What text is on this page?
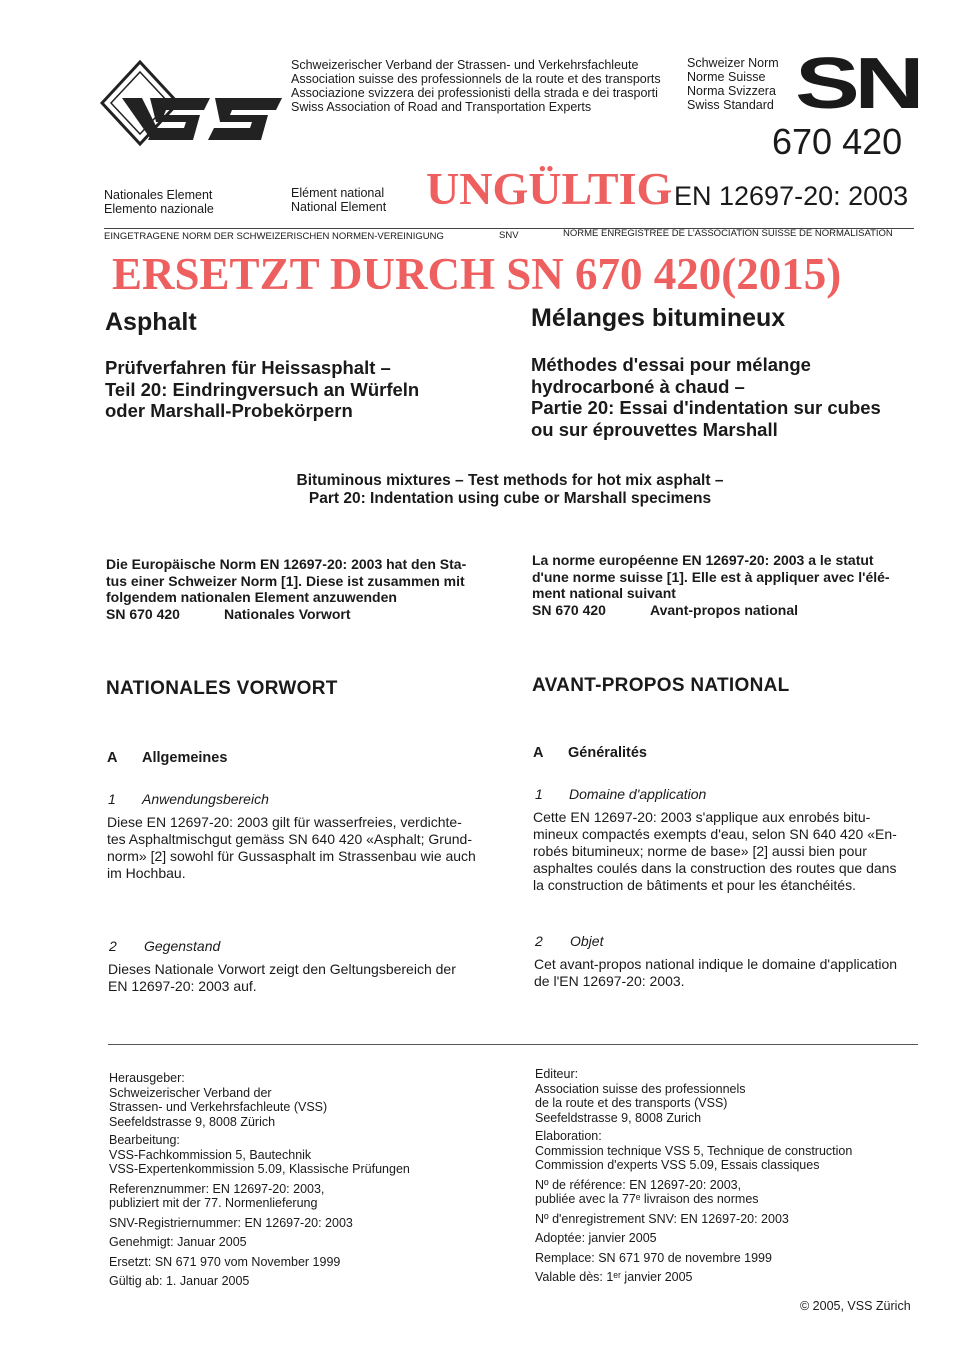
Schweizerischer Verband der Strassen- und Verkehrsfachleute
Association suisse des professionnels de la route et des transports
Associazione svizzera dei professionisti della strada e dei trasporti
Swiss Association of Road and Transportation Experts
Schweizer Norm
Norme Suisse
Norma Svizzera
Swiss Standard SN
670 420
Nationales Element
Elemento nazionale
Elément national
National Element UNGÜLTIG EN 12697-20: 2003
EINGETRAGENE NORM DER SCHWEIZERISCHEN NORMEN-VEREINIGUNG	SNV	NORME ENREGISTREE DE L'ASSOCIATION SUISSE DE NORMALISATION
ERSETZT DURCH SN 670 420(2015)
Asphalt	Mélanges bitumineux
Prüfverfahren für Heissasphalt –
Teil 20: Eindringversuch an Würfeln
oder Marshall-Probekörpern
Méthodes d'essai pour mélange
hydrocarboné à chaud –
Partie 20: Essai d'indentation sur cubes
ou sur éprouvettes Marshall
Bituminous mixtures – Test methods for hot mix asphalt –
Part 20: Indentation using cube or Marshall specimens
Die Europäische Norm EN 12697-20: 2003 hat den Sta-
tus einer Schweizer Norm [1]. Diese ist zusammen mit
folgendem nationalen Element anzuwenden
SN 670 420	Nationales Vorwort
La norme européenne EN 12697-20: 2003 a le statut
d'une norme suisse [1]. Elle est à appliquer avec l'élé-
ment national suivant
SN 670 420	Avant-propos national
NATIONALES VORWORT	AVANT-PROPOS NATIONAL
A Allgemeines	A Généralités
1 Anwendungsbereich
Diese EN 12697-20: 2003 gilt für wasserfreies, verdichte-
tes Asphaltmischgut gemäss SN 640 420 «Asphalt; Grund-
norm» [2] sowohl für Gussasphalt im Strassenbau wie auch
im Hochbau.
1 Domaine d'application
Cette EN 12697-20: 2003 s'applique aux enrobés bitu-
mineux compactés exempts d'eau, selon SN 640 420 «En-
robés bitumineux; norme de base» [2] aussi bien pour
asphaltes coulés dans la construction des routes que dans
la construction de bâtiments et pour les étanchéités.
2 Gegenstand
Dieses Nationale Vorwort zeigt den Geltungsbereich der
EN 12697-20: 2003 auf.
2 Objet
Cet avant-propos national indique le domaine d'application
de l'EN 12697-20: 2003.
Herausgeber:
Schweizerischer Verband der
Strassen- und Verkehrsfachleute (VSS)
Seefeldstrasse 9, 8008 Zürich
Bearbeitung:
VSS-Fachkommission 5, Bautechnik
VSS-Expertenkommission 5.09, Klassische Prüfungen
Referenznummer: EN 12697-20: 2003,
publiziert mit der 77. Normenlieferung
SNV-Registriernummer: EN 12697-20: 2003
Genehmigt: Januar 2005
Ersetzt: SN 671 970 vom November 1999
Gültig ab: 1. Januar 2005
Editeur:
Association suisse des professionnels
de la route et des transports (VSS)
Seefeldstrasse 9, 8008 Zurich
Elaboration:
Commission technique VSS 5, Technique de construction
Commission d'experts VSS 5.09, Essais classiques
Nº de référence: EN 12697-20: 2003,
publiée avec la 77ᵉ livraison des normes
Nº d'enregistrement SNV: EN 12697-20: 2003
Adoptée: janvier 2005
Remplace: SN 671 970 de novembre 1999
Valable dès: 1ᵉʳ janvier 2005
© 2005, VSS Zürich
